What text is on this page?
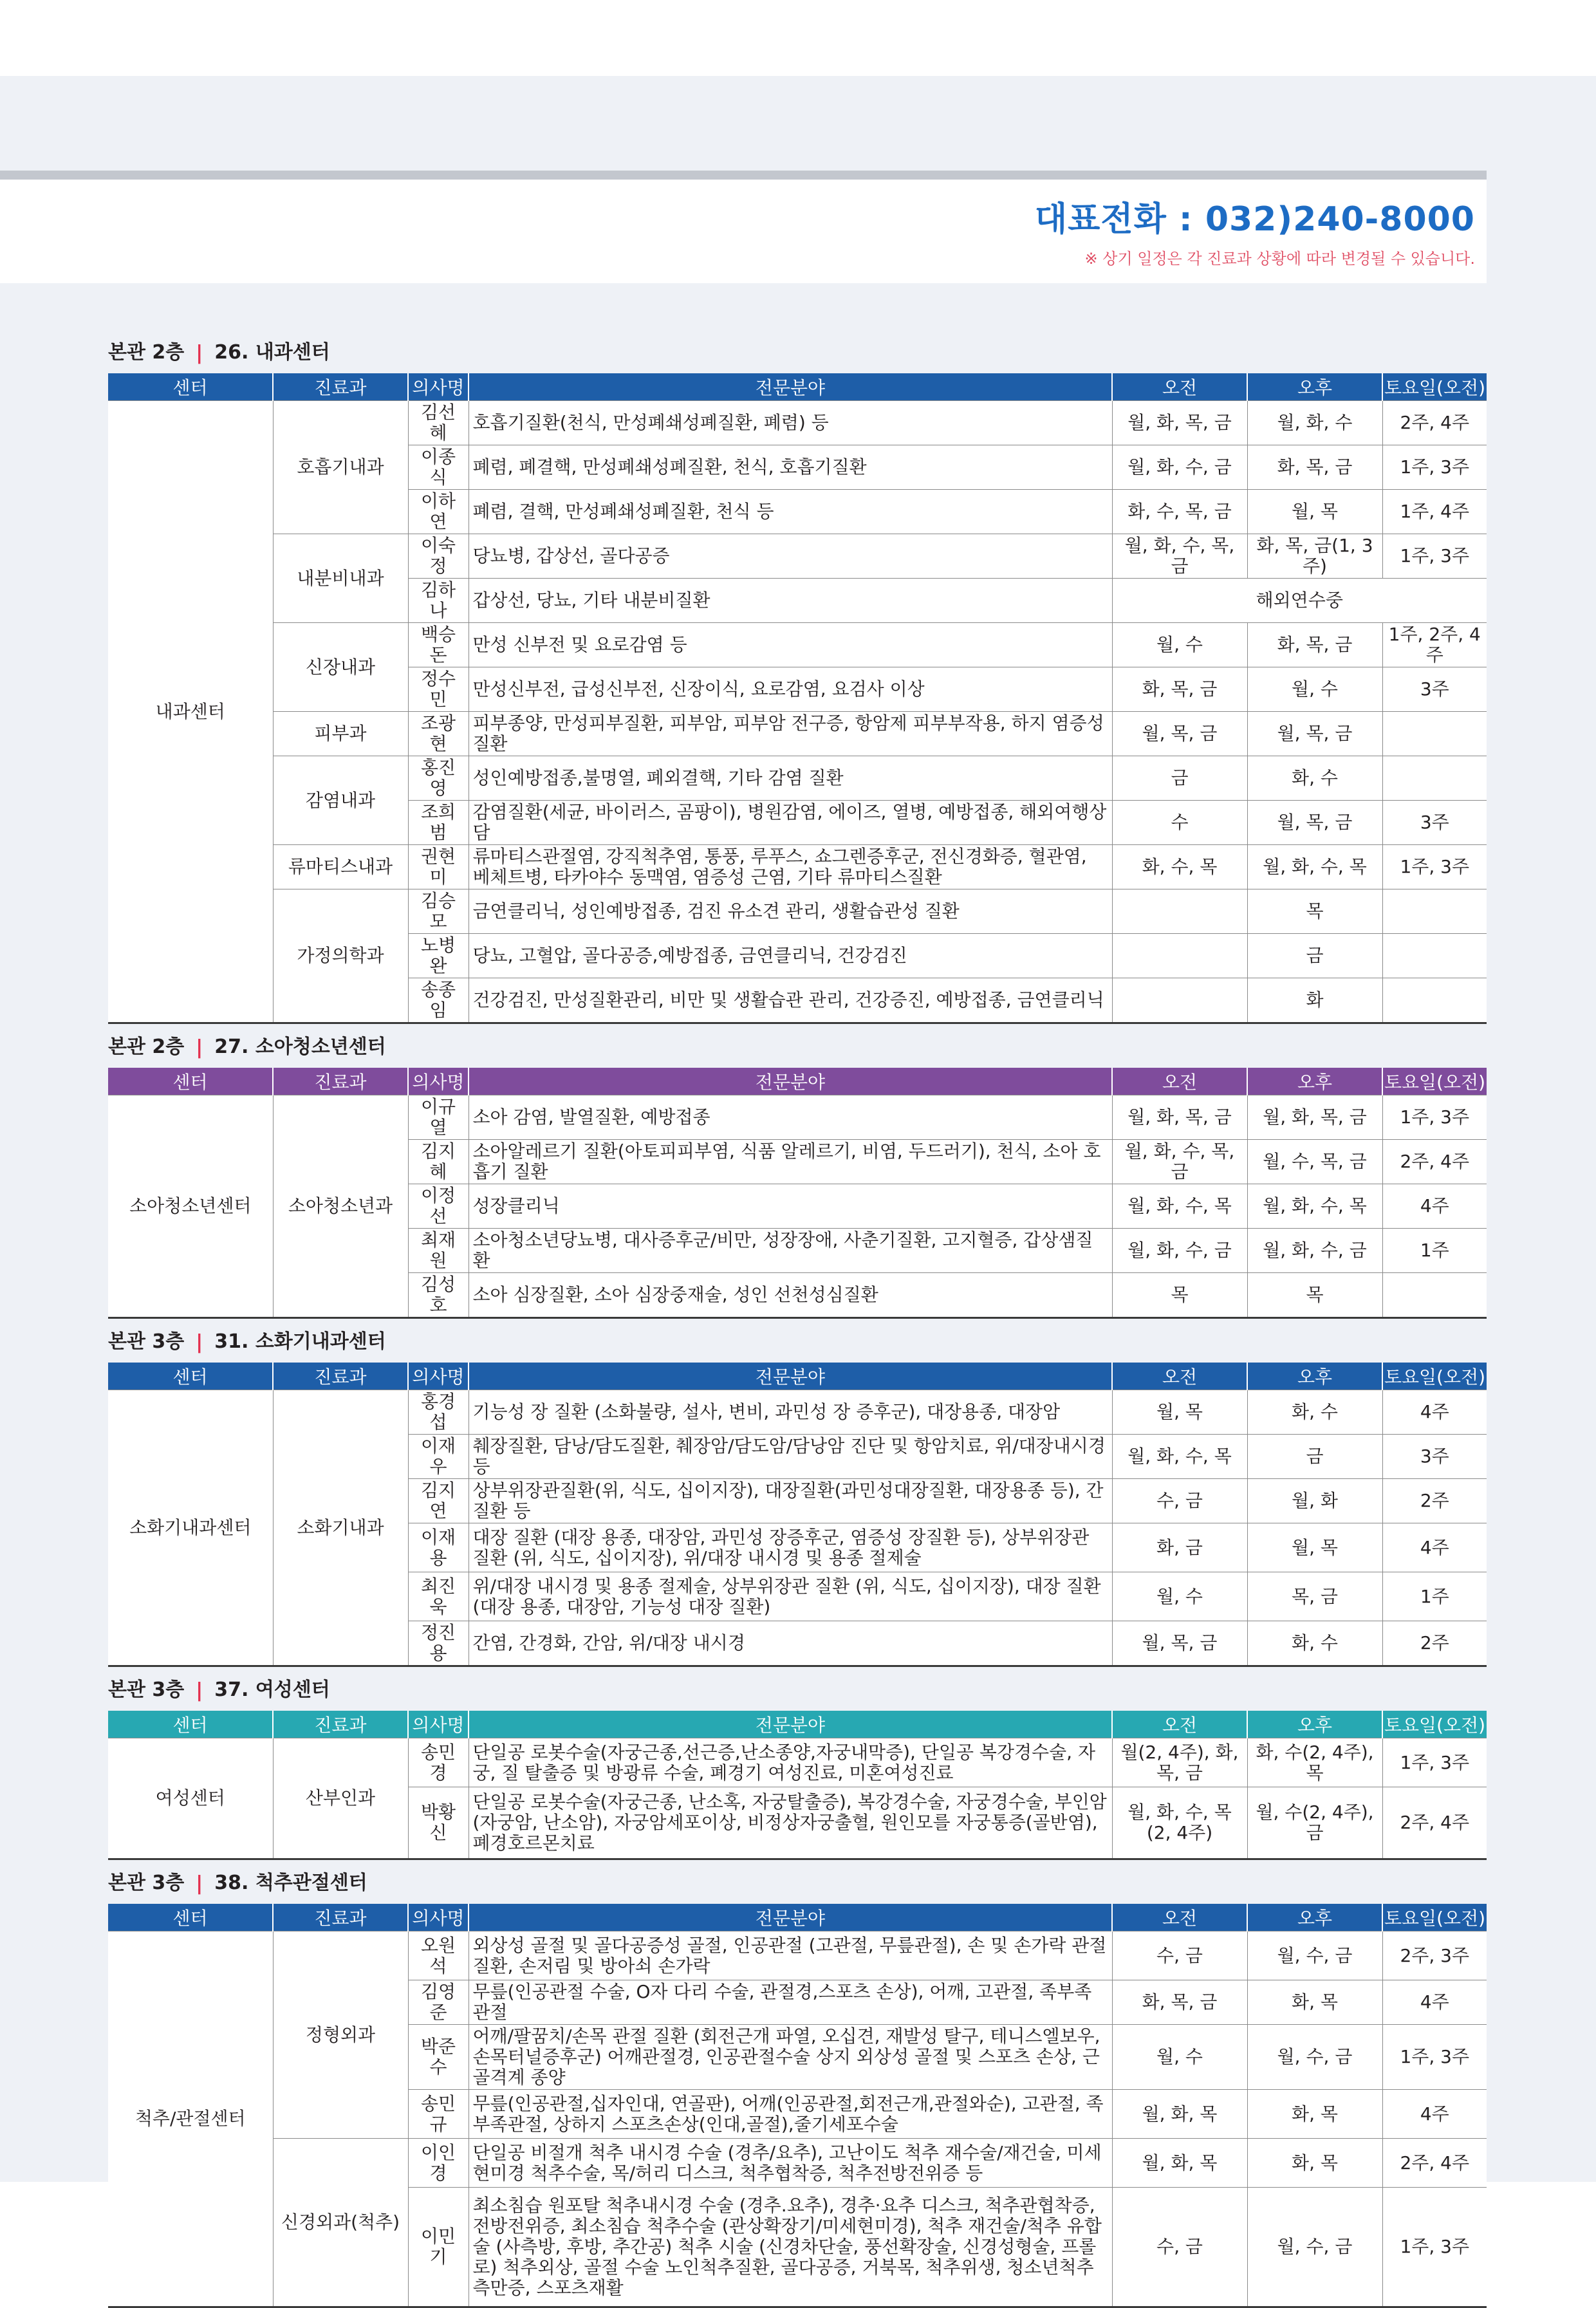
대표전화 : 032)240-8000
※ 상기 일정은 각 진료과 상황에 따라 변경될 수 있습니다.
본관 2층 | 26. 내과센터
센터	진료과	의사명	전문분야	오전	오후	토요일(오전)
내과센터	호흡기내과	김선혜	호흡기질환(천식, 만성폐쇄성폐질환, 폐렴) 등	월, 화, 목, 금	월, 화, 수	2주, 4주
		이종식	폐렴, 폐결핵, 만성폐쇄성폐질환, 천식, 호흡기질환	월, 화, 수, 금	화, 목, 금	1주, 3주
		이하연	폐렴, 결핵, 만성폐쇄성폐질환, 천식 등	화, 수, 목, 금	월, 목	1주, 4주
	내분비내과	이숙정	당뇨병, 갑상선, 골다공증	월, 화, 수, 목, 금	화, 목, 금(1, 3주)	1주, 3주
		김하나	갑상선, 당뇨, 기타 내분비질환	해외연수중		
	신장내과	백승돈	만성 신부전 및 요로감염 등	월, 수	화, 목, 금	1주, 2주, 4주
		정수민	만성신부전, 급성신부전, 신장이식, 요로감염, 요검사 이상	화, 목, 금	월, 수	3주
	피부과	조광현	피부종양, 만성피부질환, 피부암, 피부암 전구증, 항암제 피부부작용, 하지 염증성질환	월, 목, 금	월, 목, 금	
	감염내과	홍진영	성인예방접종,불명열, 폐외결핵, 기타 감염 질환	금	화, 수	
		조희범	감염질환(세균, 바이러스, 곰팡이), 병원감염, 에이즈, 열병, 예방접종, 해외여행상담	수	월, 목, 금	3주
	류마티스내과	권현미	류마티스관절염, 강직척추염, 통풍, 루푸스, 쇼그렌증후군, 전신경화증, 혈관염, 베체트병, 타카야수 동맥염, 염증성 근염, 기타 류마티스질환	화, 수, 목	월, 화, 수, 목	1주, 3주
	가정의학과	김승모	금연클리닉, 성인예방접종, 검진 유소견 관리, 생활습관성 질환		목	
		노병완	당뇨, 고혈압, 골다공증,예방접종, 금연클리닉, 건강검진		금	
		송종임	건강검진, 만성질환관리, 비만 및 생활습관 관리, 건강증진, 예방접종, 금연클리닉		화	
본관 2층 | 27. 소아청소년센터
센터	진료과	의사명	전문분야	오전	오후	토요일(오전)
소아청소년센터	소아청소년과	이규열	소아 감염, 발열질환, 예방접종	월, 화, 목, 금	월, 화, 목, 금	1주, 3주
		김지혜	소아알레르기 질환(아토피피부염, 식품 알레르기, 비염, 두드러기), 천식, 소아 호흡기 질환	월, 화, 수, 목, 금	월, 수, 목, 금	2주, 4주
		이정선	성장클리닉	월, 화, 수, 목	월, 화, 수, 목	4주
		최재원	소아청소년당뇨병, 대사증후군/비만, 성장장애, 사춘기질환, 고지혈증, 갑상샘질환	월, 화, 수, 금	월, 화, 수, 금	1주
		김성호	소아 심장질환, 소아 심장중재술, 성인 선천성심질환	목	목	
본관 3층 | 31. 소화기내과센터
센터	진료과	의사명	전문분야	오전	오후	토요일(오전)
소화기내과센터	소화기내과	홍경섭	기능성 장 질환 (소화불량, 설사, 변비, 과민성 장 증후군), 대장용종, 대장암	월, 목	화, 수	4주
		이재우	췌장질환, 담낭/담도질환, 췌장암/담도암/담낭암 진단 및 항암치료, 위/대장내시경 등	월, 화, 수, 목	금	3주
		김지연	상부위장관질환(위, 식도, 십이지장), 대장질환(과민성대장질환, 대장용종 등), 간질환 등	수, 금	월, 화	2주
		이재용	대장 질환 (대장 용종, 대장암, 과민성 장증후군, 염증성 장질환 등), 상부위장관 질환 (위, 식도, 십이지장), 위/대장 내시경 및 용종 절제술	화, 금	월, 목	4주
		최진욱	위/대장 내시경 및 용종 절제술, 상부위장관 질환 (위, 식도, 십이지장), 대장 질환(대장 용종, 대장암, 기능성 대장 질환)	월, 수	목, 금	1주
		정진용	간염, 간경화, 간암, 위/대장 내시경	월, 목, 금	화, 수	2주
본관 3층 | 37. 여성센터
센터	진료과	의사명	전문분야	오전	오후	토요일(오전)
여성센터	산부인과	송민경	단일공 로봇수술(자궁근종,선근증,난소종양,자궁내막증), 단일공 복강경수술, 자궁, 질 탈출증 및 방광류 수술, 폐경기 여성진료, 미혼여성진료	월(2, 4주), 화, 목, 금	화, 수(2, 4주), 목	1주, 3주
		박황신	단일공 로봇수술(자궁근종, 난소혹, 자궁탈출증), 복강경수술, 자궁경수술, 부인암 (자궁암, 난소암), 자궁암세포이상, 비정상자궁출혈, 원인모를 자궁통증(골반염), 폐경호르몬치료	월, 화, 수, 목(2, 4주)	월, 수(2, 4주), 금	2주, 4주
본관 3층 | 38. 척추관절센터
센터	진료과	의사명	전문분야	오전	오후	토요일(오전)
척추/관절센터	정형외과	오원석	외상성 골절 및 골다공증성 골절, 인공관절 (고관절, 무릎관절), 손 및 손가락 관절 질환, 손저림 및 방아쇠 손가락	수, 금	월, 수, 금	2주, 3주
		김영준	무릎(인공관절 수술, O자 다리 수술, 관절경,스포츠 손상), 어깨, 고관절, 족부족관절	화, 목, 금	화, 목	4주
		박준수	어깨/팔꿈치/손목 관절 질환 (회전근개 파열, 오십견, 재발성 탈구, 테니스엘보우, 손목터널증후군) 어깨관절경, 인공관절수술 상지 외상성 골절 및 스포츠 손상, 근골격계 종양	월, 수	월, 수, 금	1주, 3주
		송민규	무릎(인공관절,십자인대, 연골판), 어깨(인공관절,회전근개,관절와순), 고관절, 족부족관절, 상하지 스포츠손상(인대,골절),줄기세포수술	월, 화, 목	화, 목	4주
	신경외과(척추)	이인경	단일공 비절개 척추 내시경 수술 (경추/요추), 고난이도 척추 재수술/재건술, 미세현미경 척추수술, 목/허리 디스크, 척추협착증, 척추전방전위증 등	월, 화, 목	화, 목	2주, 4주
		이민기	최소침습 원포탈 척추내시경 수술 (경추.요추), 경추·요추 디스크, 척추관협착증, 전방전위증, 최소침습 척추수술 (관상확장기/미세현미경), 척추 재건술/척추 유합술 (사측방, 후방, 추간공) 척추 시술 (신경차단술, 풍선확장술, 신경성형술, 프롤로) 척추외상, 골절 수술 노인척추질환, 골다공증, 거북목, 척추위생, 청소년척추측만증, 스포츠재활	수, 금	월, 수, 금	1주, 3주
